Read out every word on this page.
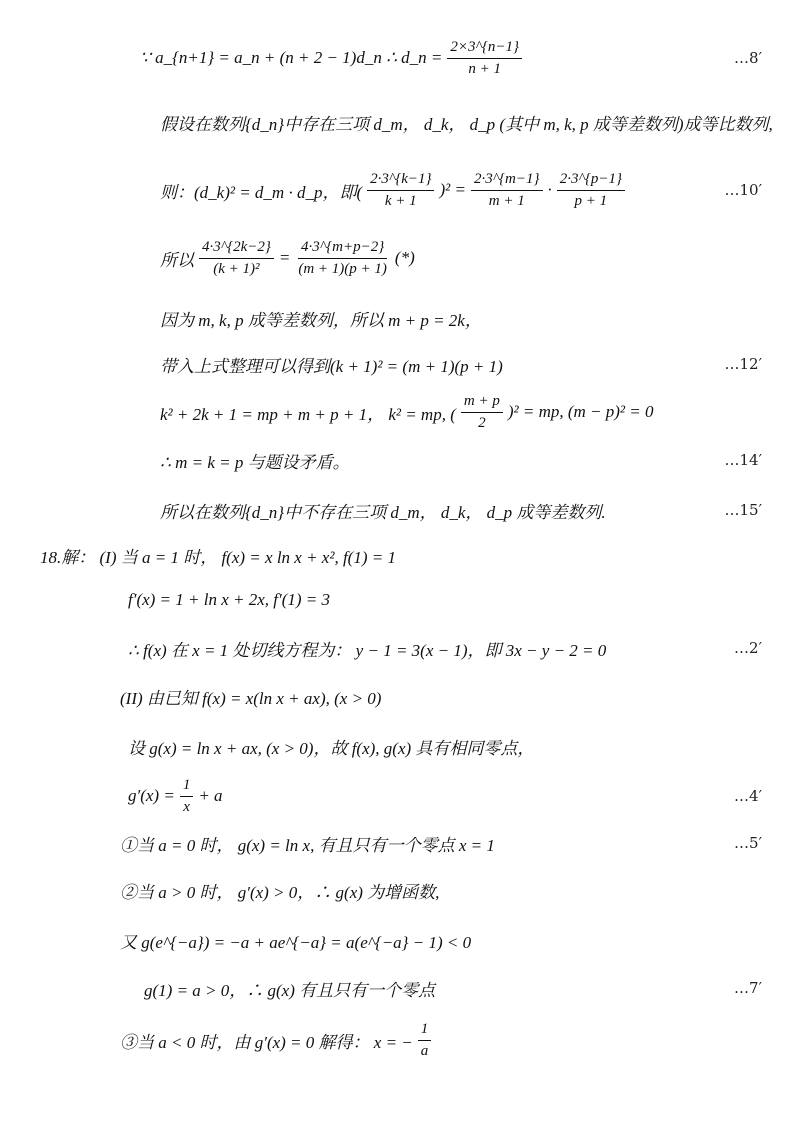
∵ a_{n+1} = a_n + (n + 2 − 1)d_n ∴ d_n = $\frac{2\times 3\^{}\{n-1\}}{n + 1}$	…8′
假设在数列{d_n}中存在三项 d_m， d_k， d_p (其中 m, k, p 成等差数列)成等比数列,
则：(d_k)² = d_m · d_p，即( $\frac{2\cdot 3\^{}\{k-1\}}{k + 1} )^2 = \frac{2\cdot 3\^{}\{m-1\}}{m + 1} \cdot \frac{2\cdot 3\^{}\{p-1\}}{p + 1}$	…10′
所以 $\frac{4\cdot 3\^{}\{2k-2\}}{\text{(k + 1)²}} = \frac{4\cdot 3\^{}\{m+p-2\}}{(m + 1)(p + 1)}$ (*)
因为 m, k, p 成等差数列，所以 m + p = 2k，
带入上式整理可以得到(k + 1)² = (m + 1)(p + 1)	…12′
k² + 2k + 1 = mp + m + p + 1， k² = mp, ( $\frac{m + p}{2} )^2$ = mp, (m − p)² = 0
∴ m = k = p 与题设矛盾。	…14′
所以在数列{d_n}中不存在三项 d_m， d_k， d_p 成等差数列.	…15′
18.解： (I) 当 a = 1 时， f(x) = x ln x + x², f(1) = 1
f′(x) = 1 + ln x + 2x, f′(1) = 3
∴ f(x) 在 x = 1 处切线方程为： y − 1 = 3(x − 1)，即 3x − y − 2 = 0	…2′
(II) 由已知 f(x) = x(ln x + ax), (x > 0)
设 g(x) = ln x + ax, (x > 0)，故 f(x), g(x) 具有相同零点，
$g'(x) = \frac{1}{x} + a$	…4′
①当 a = 0 时， g(x) = ln x, 有且只有一个零点 x = 1	…5′
②当 a > 0 时， g′(x) > 0，∴ g(x) 为增函数,
又 g(e^{−a}) = −a + ae^{−a} = a(e^{−a} − 1) < 0
g(1) = a > 0，∴ g(x) 有且只有一个零点	…7′
③当 a < 0 时，由 g′(x) = 0 解得： x = − $\frac{1}{a}$
